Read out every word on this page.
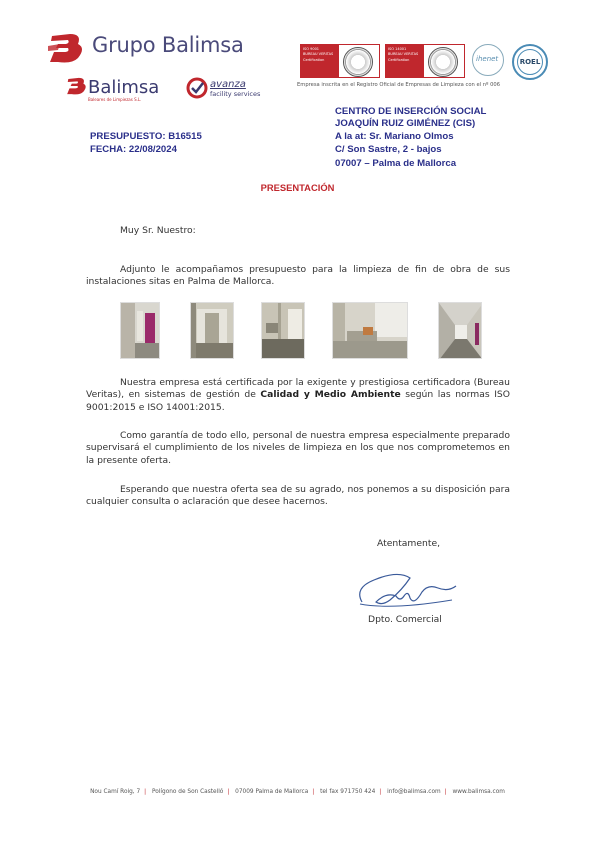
Grupo Balimsa
Balimsa
Baleares de Limpiezas S.L.
avanza
facility services
ISO 9001
BUREAU VERITAS
Certification
ISO 14001
BUREAU VERITAS
Certification	ihenet	ROEL
Empresa inscrita en el Registro Oficial de Empresas de Limpieza con el nº 006
CENTRO DE INSERCIÓN SOCIAL
JOAQUÍN RUIZ GIMÉNEZ (CIS)
A la at: Sr. Mariano Olmos
C/ Son Sastre, 2 - bajos
07007 – Palma de Mallorca
PRESUPUESTO: B16515
FECHA: 22/08/2024
PRESENTACIÓN
Muy Sr. Nuestro:
Adjunto le acompañamos presupuesto para la limpieza de fin de obra de sus instalaciones sitas en Palma de Mallorca.
Nuestra empresa está certificada por la exigente y prestigiosa certificadora (Bureau Veritas), en sistemas de gestión de Calidad y Medio Ambiente según las normas ISO 9001:2015 e ISO 14001:2015.
Como garantía de todo ello, personal de nuestra empresa especialmente preparado supervisará el cumplimiento de los niveles de limpieza en los que nos comprometemos en la presente oferta.
Esperando que nuestra oferta sea de su agrado, nos ponemos a su disposición para cualquier consulta o aclaración que desee hacernos.
Atentamente,
Dpto. Comercial
Nou Camí Roig, 7 | Polígono de Son Castelló | 07009 Palma de Mallorca | tel fax 971750 424 | info@balimsa.com | www.balimsa.com
